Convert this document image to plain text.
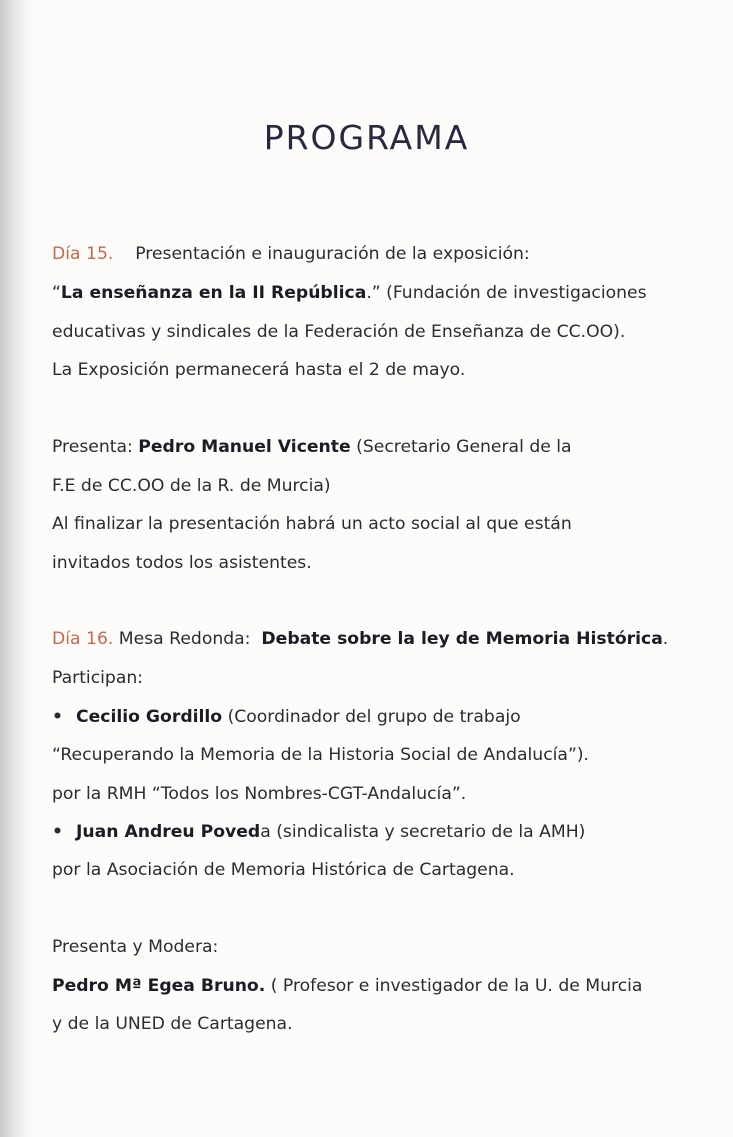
PROGRAMA
Día 15. Presentación e inauguración de la exposición:
“La enseñanza en la II República.” (Fundación de investigaciones
educativas y sindicales de la Federación de Enseñanza de CC.OO).
La Exposición permanecerá hasta el 2 de mayo.
Presenta: Pedro Manuel Vicente (Secretario General de la
F.E de CC.OO de la R. de Murcia)
Al finalizar la presentación habrá un acto social al que están
invitados todos los asistentes.
Día 16. Mesa Redonda:  Debate sobre la ley de Memoria Histórica.
Participan:
• Cecilio Gordillo (Coordinador del grupo de trabajo
“Recuperando la Memoria de la Historia Social de Andalucía”).
por la RMH “Todos los Nombres-CGT-Andalucía”.
• Juan Andreu Poveda (sindicalista y secretario de la AMH)
por la Asociación de Memoria Histórica de Cartagena.
Presenta y Modera:
Pedro Mª Egea Bruno. ( Profesor e investigador de la U. de Murcia
y de la UNED de Cartagena.
